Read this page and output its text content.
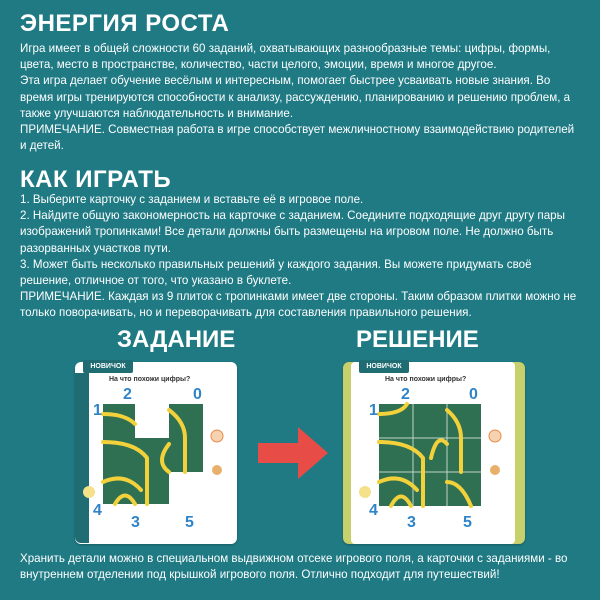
ЭНЕРГИЯ РОСТА
Игра имеет в общей сложности 60 заданий, охватывающих разнообразные темы: цифры, формы, цвета, место в пространстве, количество, части целого, эмоции, время и многое другое.
Эта игра делает обучение весёлым и интересным, помогает быстрее усваивать новые знания. Во время игры тренируются способности к анализу, рассуждению, планированию и решению проблем, а также улучшаются наблюдательность и внимание.
ПРИМЕЧАНИЕ. Совместная работа в игре способствует межличностному взаимодействию родителей и детей.
КАК ИГРАТЬ
1. Выберите карточку с заданием и вставьте её в игровое поле.
2. Найдите общую закономерность на карточке с заданием. Соедините подходящие друг другу пары изображений тропинками! Все детали должны быть размещены на игровом поле. Не должно быть разорванных участков пути.
3. Может быть несколько правильных решений у каждого задания. Вы можете придумать своё решение, отличное от того, что указано в буклете.
ПРИМЕЧАНИЕ. Каждая из 9 плиток с тропинками имеет две стороны. Таким образом плитки можно не только поворачивать, но и переворачивать для составления правильного решения.
ЗАДАНИЕ	РЕШЕНИЕ
НОВИЧОК
На что похожи цифры?
2	0
1
4
3	5
НОВИЧОК
На что похожи цифры?
2	0
1
4
3	5
Хранить детали можно в специальном выдвижном отсеке игрового поля, а карточки с заданиями - во внутреннем отделении под крышкой игрового поля. Отлично подходит для путешествий!
